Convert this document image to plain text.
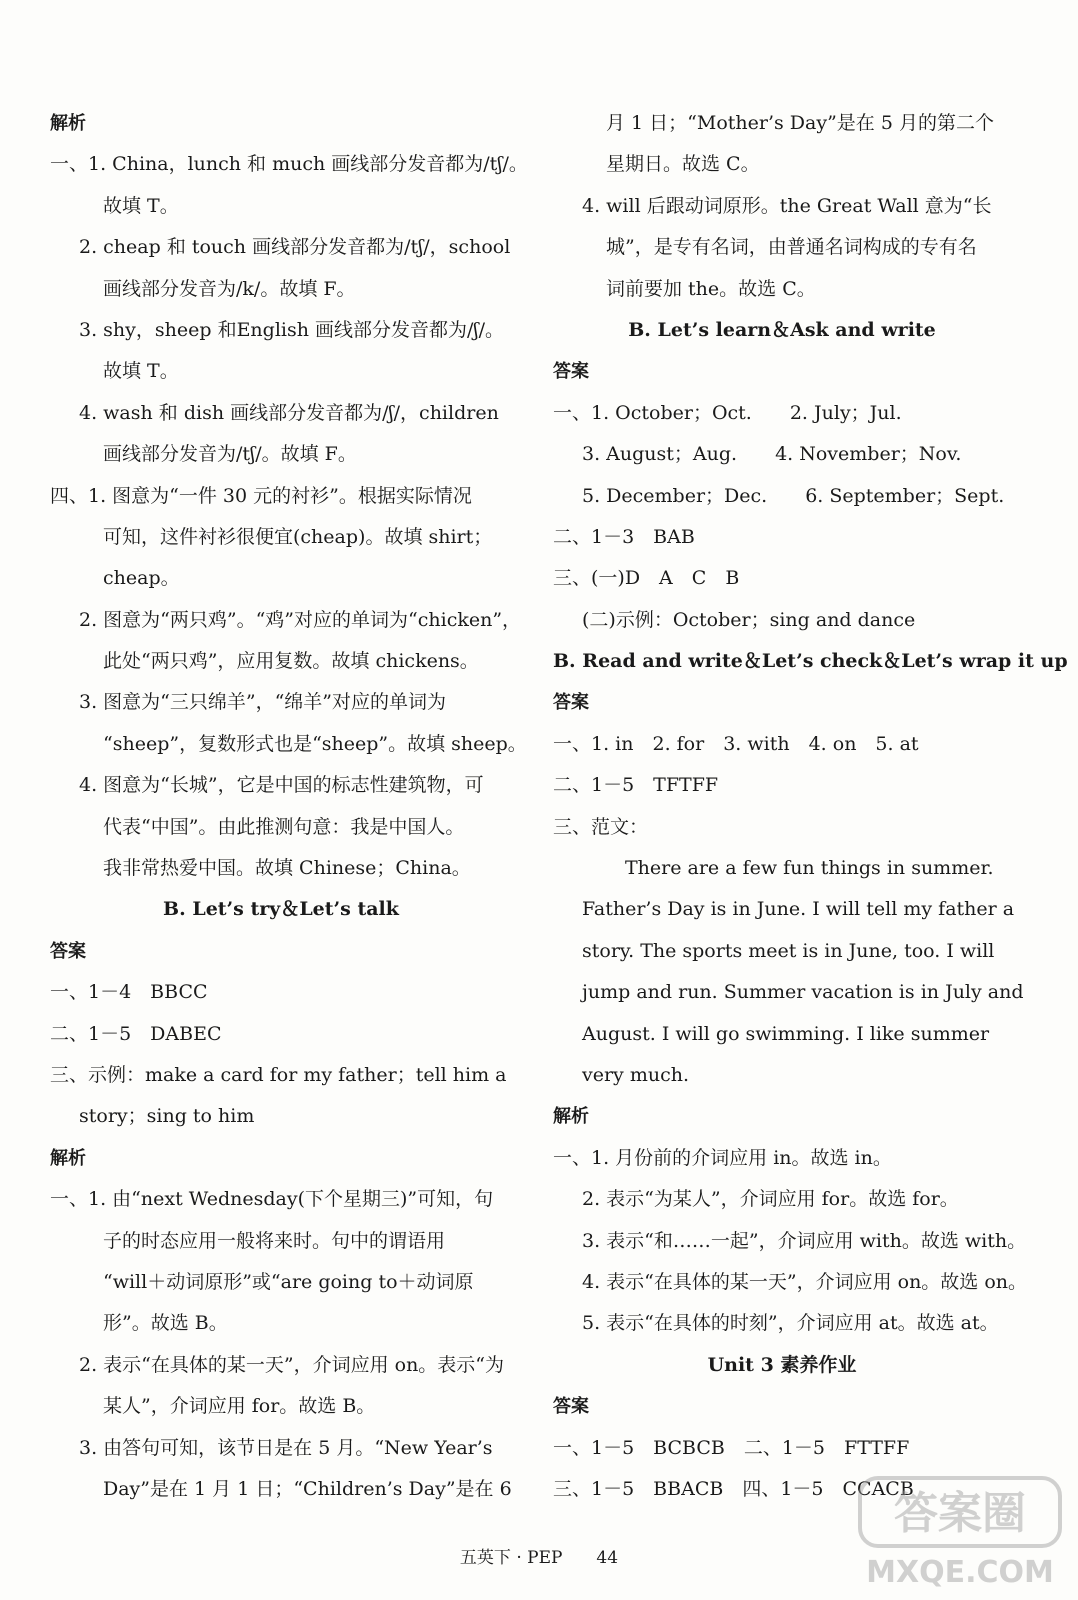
解析
一、1. China，lunch 和 much 画线部分发音都为/tʃ/。
故填 T。
2. cheap 和 touch 画线部分发音都为/tʃ/，school
画线部分发音为/k/。故填 F。
3. shy，sheep 和English 画线部分发音都为/ʃ/。
故填 T。
4. wash 和 dish 画线部分发音都为/ʃ/，children
画线部分发音为/tʃ/。故填 F。
四、1. 图意为“一件 30 元的衬衫”。根据实际情况
可知，这件衬衫很便宜(cheap)。故填 shirt；
cheap。
2. 图意为“两只鸡”。“鸡”对应的单词为“chicken”，
此处“两只鸡”，应用复数。故填 chickens。
3. 图意为“三只绵羊”，“绵羊”对应的单词为
“sheep”，复数形式也是“sheep”。故填 sheep。
4. 图意为“长城”，它是中国的标志性建筑物，可
代表“中国”。由此推测句意：我是中国人。
我非常热爱中国。故填 Chinese；China。
B. Let’s try＆Let’s talk
答案
一、1－4　BBCC
二、1－5　DABEC
三、示例：make a card for my father；tell him a
story；sing to him
解析
一、1. 由“next Wednesday(下个星期三)”可知，句
子的时态应用一般将来时。句中的谓语用
“will＋动词原形”或“are going to＋动词原
形”。故选 B。
2. 表示“在具体的某一天”，介词应用 on。表示“为
某人”，介词应用 for。故选 B。
3. 由答句可知，该节日是在 5 月。“New Year’s
Day”是在 1 月 1 日；“Children’s Day”是在 6
月 1 日；“Mother’s Day”是在 5 月的第二个
星期日。故选 C。
4. will 后跟动词原形。the Great Wall 意为“长
城”，是专有名词，由普通名词构成的专有名
词前要加 the。故选 C。
B. Let’s learn＆Ask and write
答案
一、1. October；Oct.　　2. July；Jul.
3. August；Aug.　　4. November；Nov.
5. December；Dec.　　6. September；Sept.
二、1－3　BAB
三、(一)D　A　C　B
(二)示例：October；sing and dance
B. Read and write＆Let’s check＆Let’s wrap it up
答案
一、1. in　2. for　3. with　4. on　5. at
二、1－5　TFTFF
三、范文：
There are a few fun things in summer.
Father’s Day is in June. I will tell my father a
story. The sports meet is in June, too. I will
jump and run. Summer vacation is in July and
August. I will go swimming. I like summer
very much.
解析
一、1. 月份前的介词应用 in。故选 in。
2. 表示“为某人”，介词应用 for。故选 for。
3. 表示“和……一起”，介词应用 with。故选 with。
4. 表示“在具体的某一天”，介词应用 on。故选 on。
5. 表示“在具体的时刻”，介词应用 at。故选 at。
Unit 3 素养作业
答案
一、1－5　BCBCB　二、1－5　FTTFF
三、1－5　BBACB　四、1－5　CCACB
五英下 · PEP　　44
答案圈
MXQE.COM
